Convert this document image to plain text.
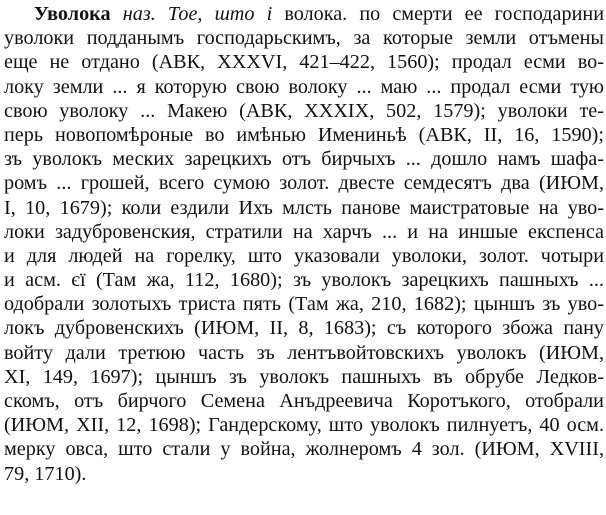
Уволока наз. Тое, што і волока. по смерти ее господарини
уволоки подданымъ господарьскимъ, за которые земли отъмены
еще не отдано (АВК, XXXVI, 421–422, 1560); продал есми во-
локу земли ... я которую свою волоку ... маю ... продал есми тую
свою уволоку ... Макею (АВК, XXXIX, 502, 1579); уволоки те-
перь новопомѣроные во имѣнью Имениньѣ (АВК, II, 16, 1590);
зъ уволокъ меских зарецкихъ отъ бирчыхъ ... дошло намъ шафа-
ромъ ... грошей, всего сумою золот. двесте семдесятъ два (ИЮМ,
I, 10, 1679); коли ездили Ихъ млсть панове маистратовые на уво-
локи задубровенския, стратили на харчъ ... и на иншые експенса
и для людей на горелку, што указовали уволоки, золот. чотыри
и асм. єї (Там жа, 112, 1680); зъ уволокъ зарецкихъ пашныхъ ...
одобрали золотыхъ триста пять (Там жа, 210, 1682); цыншъ зъ уво-
локъ дубровенскихъ (ИЮМ, II, 8, 1683); съ которого збожа пану
войту дали третюю часть зъ лентъвойтовскихъ уволокъ (ИЮМ,
XI, 149, 1697); цыншъ зъ уволокъ пашныхъ въ обрубе Ледков-
скомъ, отъ бирчого Семена Анъдреевича Коротъкого, отобрали
(ИЮМ, XII, 12, 1698); Гандерскому, што уволокъ пилнуетъ, 40 осм.
мерку овса, што стали у война, жолнеромъ 4 зол. (ИЮМ, XVIII,
79, 1710).
